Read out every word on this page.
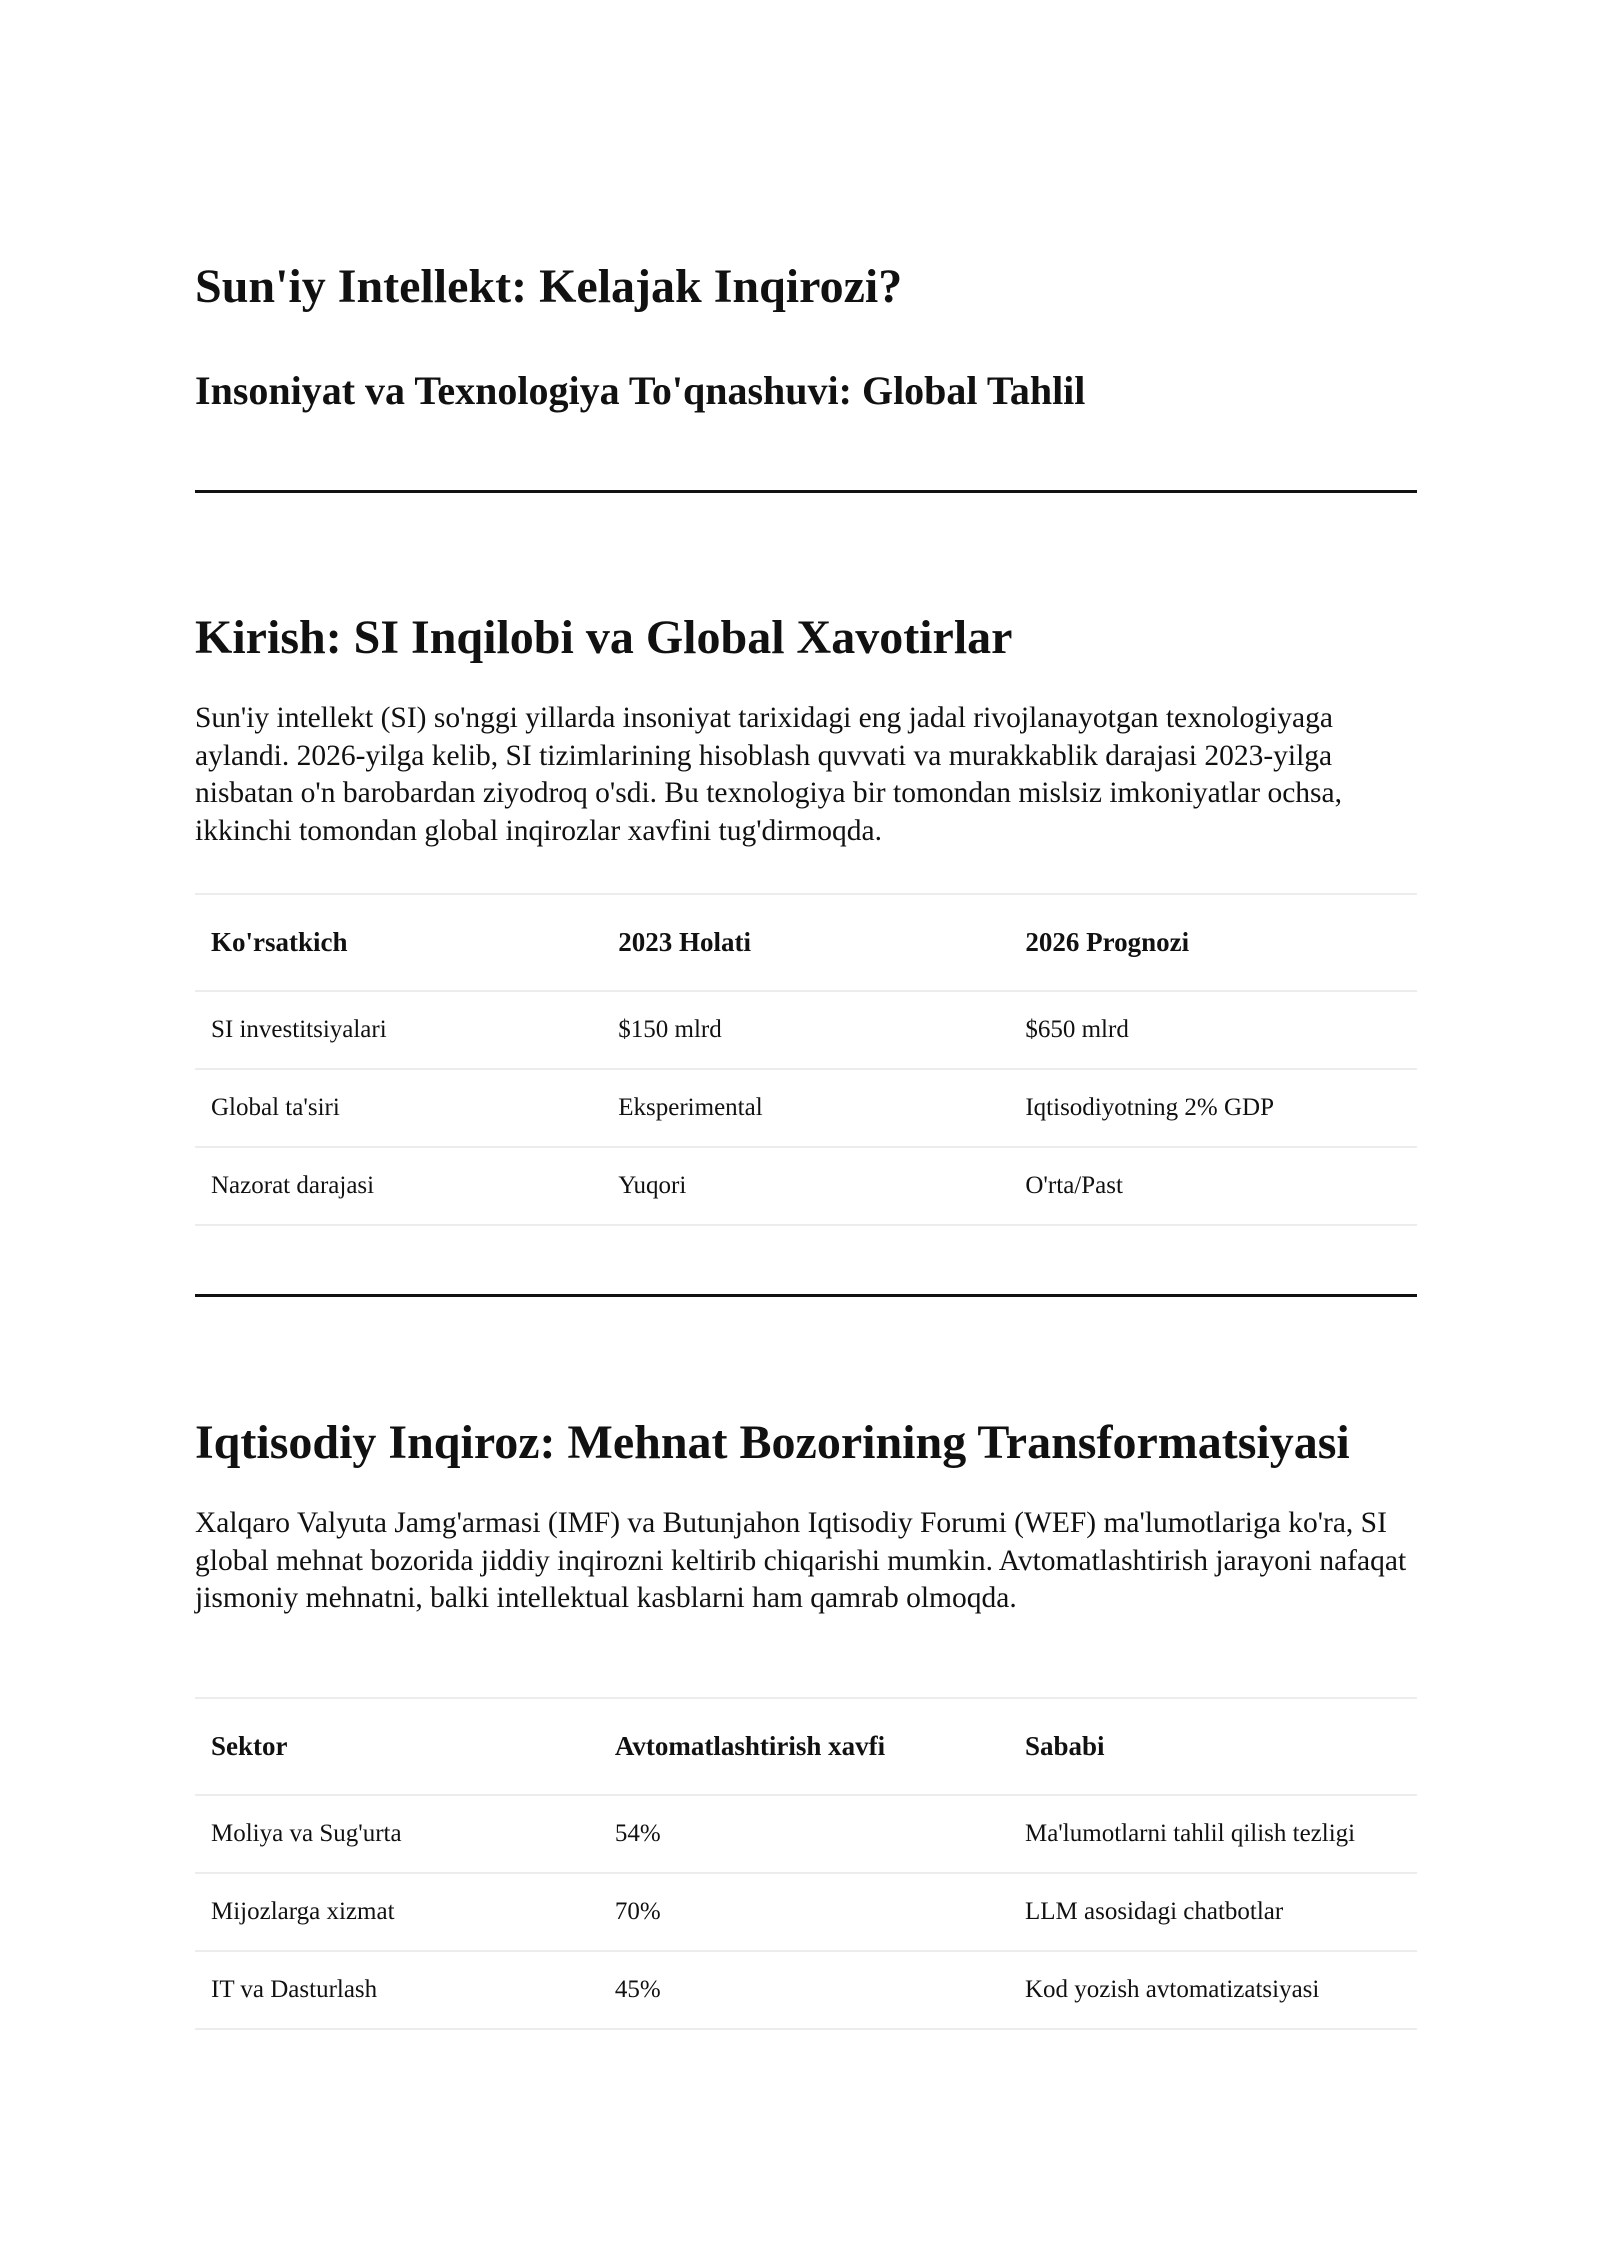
Sun'iy Intellekt: Kelajak Inqirozi?
Insoniyat va Texnologiya To'qnashuvi: Global Tahlil
Kirish: SI Inqilobi va Global Xavotirlar

Sun'iy intellekt (SI) so'nggi yillarda insoniyat tarixidagi eng jadal rivojlanayotgan texnologiyaga aylandi. 2026-yilga kelib, SI tizimlarining hisoblash quvvati va murakkablik darajasi 2023-yilga nisbatan o'n barobardan ziyodroq o'sdi. Bu texnologiya bir tomondan mislsiz imkoniyatlar ochsa, ikkinchi tomondan global inqirozlar xavfini tug'dirmoqda.

Ko'rsatkich	2023 Holati	2026 Prognozi
SI investitsiyalari	$150 mlrd	$650 mlrd
Global ta'siri	Eksperimental	Iqtisodiyotning 2% GDP
Nazorat darajasi	Yuqori	O'rta/Past
Iqtisodiy Inqiroz: Mehnat Bozorining Transformatsiyasi

Xalqaro Valyuta Jamg'armasi (IMF) va Butunjahon Iqtisodiy Forumi (WEF) ma'lumotlariga ko'ra, SI global mehnat bozorida jiddiy inqirozni keltirib chiqarishi mumkin. Avtomatlashtirish jarayoni nafaqat jismoniy mehnatni, balki intellektual kasblarni ham qamrab olmoqda.

Sektor	Avtomatlashtirish xavfi	Sababi
Moliya va Sug'urta	54%	Ma'lumotlarni tahlil qilish tezligi
Mijozlarga xizmat	70%	LLM asosidagi chatbotlar
IT va Dasturlash	45%	Kod yozish avtomatizatsiyasi
